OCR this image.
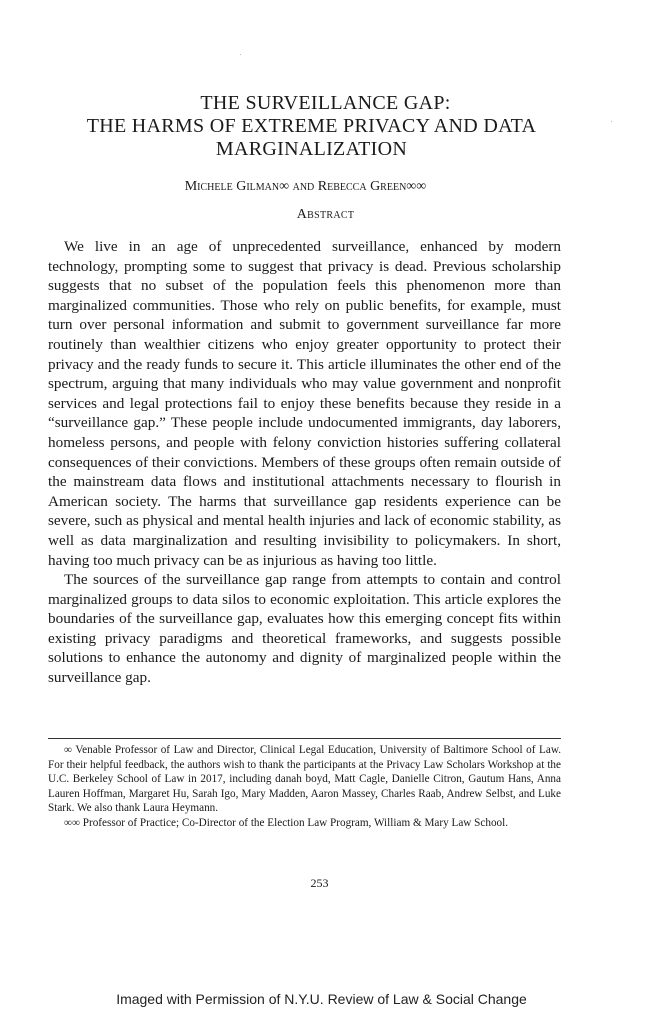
THE SURVEILLANCE GAP:
THE HARMS OF EXTREME PRIVACY AND DATA
MARGINALIZATION
Michele Gilman∞ and Rebecca Green∞∞
Abstract

We live in an age of unprecedented surveillance, enhanced by modern technology, prompting some to suggest that privacy is dead. Previous scholarship suggests that no subset of the population feels this phenomenon more than marginalized communities. Those who rely on public benefits, for example, must turn over personal information and submit to government surveillance far more routinely than wealthier citizens who enjoy greater opportunity to protect their privacy and the ready funds to secure it. This article illuminates the other end of the spectrum, arguing that many individuals who may value government and nonprofit services and legal protections fail to enjoy these benefits because they reside in a “surveillance gap.” These people include undocumented immigrants, day laborers, homeless persons, and people with felony conviction histories suffering collateral consequences of their convictions. Members of these groups often remain outside of the mainstream data flows and institutional attachments necessary to flourish in American society. The harms that surveillance gap residents experience can be severe, such as physical and mental health injuries and lack of economic stability, as well as data marginalization and resulting invisibility to policymakers. In short, having too much privacy can be as injurious as having too little.

The sources of the surveillance gap range from attempts to contain and control marginalized groups to data silos to economic exploitation. This article explores the boundaries of the surveillance gap, evaluates how this emerging concept fits within existing privacy paradigms and theoretical frameworks, and suggests possible solutions to enhance the autonomy and dignity of marginalized people within the surveillance gap.

∞ Venable Professor of Law and Director, Clinical Legal Education, University of Baltimore School of Law. For their helpful feedback, the authors wish to thank the participants at the Privacy Law Scholars Workshop at the U.C. Berkeley School of Law in 2017, including danah boyd, Matt Cagle, Danielle Citron, Gautum Hans, Anna Lauren Hoffman, Margaret Hu, Sarah Igo, Mary Madden, Aaron Massey, Charles Raab, Andrew Selbst, and Luke Stark. We also thank Laura Heymann.

∞∞ Professor of Practice; Co-Director of the Election Law Program, William & Mary Law School.

253
Imaged with Permission of N.Y.U. Review of Law & Social Change
